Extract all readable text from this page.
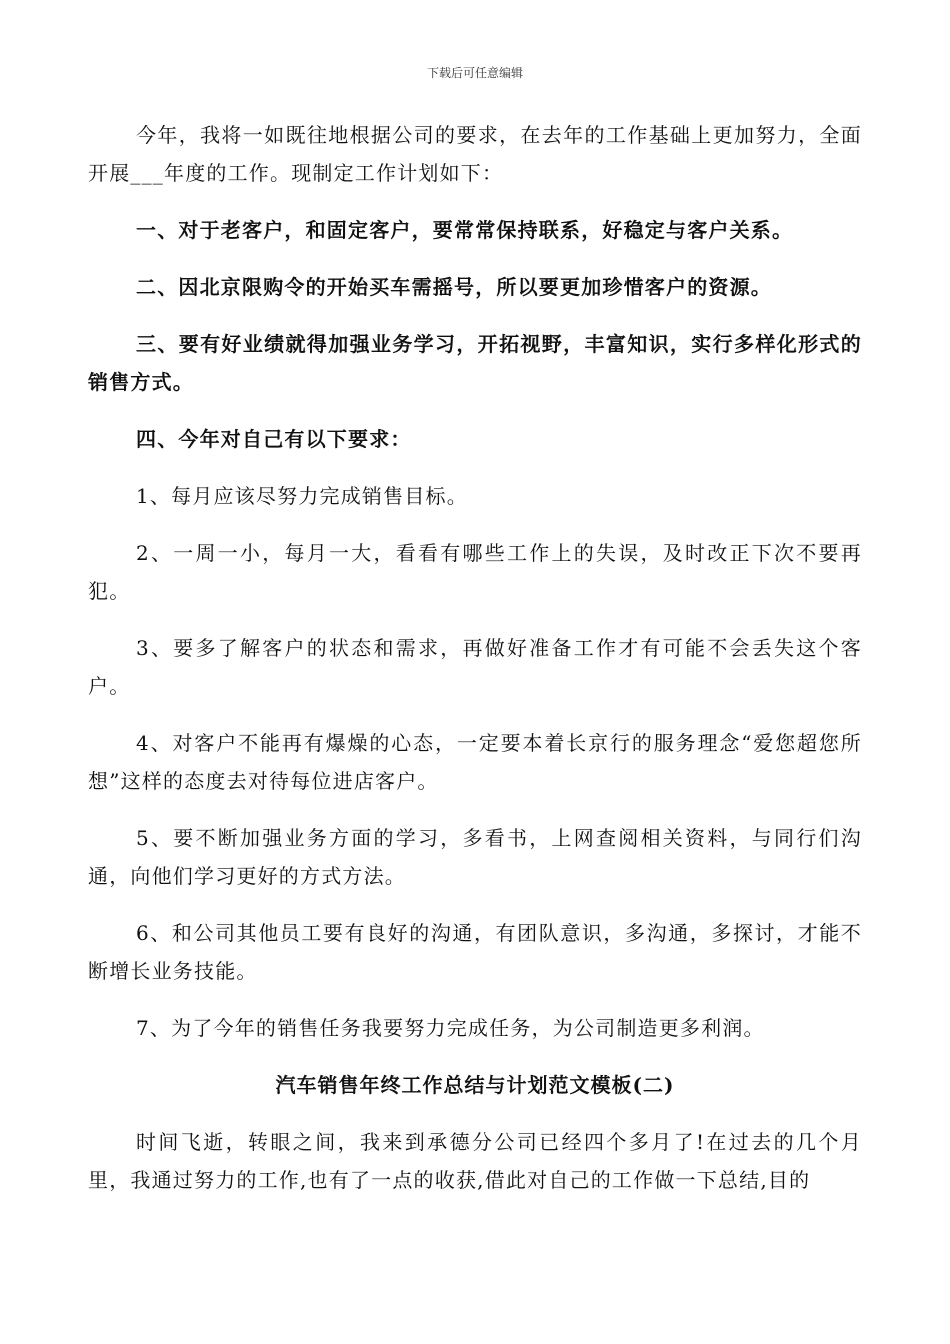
下载后可任意编辑

今年，我将一如既往地根据公司的要求，在去年的工作基础上更加努力，全面开展___年度的工作。现制定工作计划如下：

一、对于老客户，和固定客户，要常常保持联系，好稳定与客户关系。

二、因北京限购令的开始买车需摇号，所以要更加珍惜客户的资源。

三、要有好业绩就得加强业务学习，开拓视野，丰富知识，实行多样化形式的销售方式。

四、今年对自己有以下要求：

1、每月应该尽努力完成销售目标。

2、一周一小，每月一大，看看有哪些工作上的失误，及时改正下次不要再犯。

3、要多了解客户的状态和需求，再做好准备工作才有可能不会丢失这个客户。

4、对客户不能再有爆燥的心态，一定要本着长京行的服务理念“爱您超您所想”这样的态度去对待每位进店客户。

5、要不断加强业务方面的学习，多看书，上网查阅相关资料，与同行们沟通，向他们学习更好的方式方法。

6、和公司其他员工要有良好的沟通，有团队意识，多沟通，多探讨，才能不断增长业务技能。

7、为了今年的销售任务我要努力完成任务，为公司制造更多利润。

汽车销售年终工作总结与计划范文模板(二)

时间飞逝，转眼之间，我来到承德分公司已经四个多月了!在过去的几个月里，我通过努力的工作,也有了一点的收获,借此对自己的工作做一下总结,目的
